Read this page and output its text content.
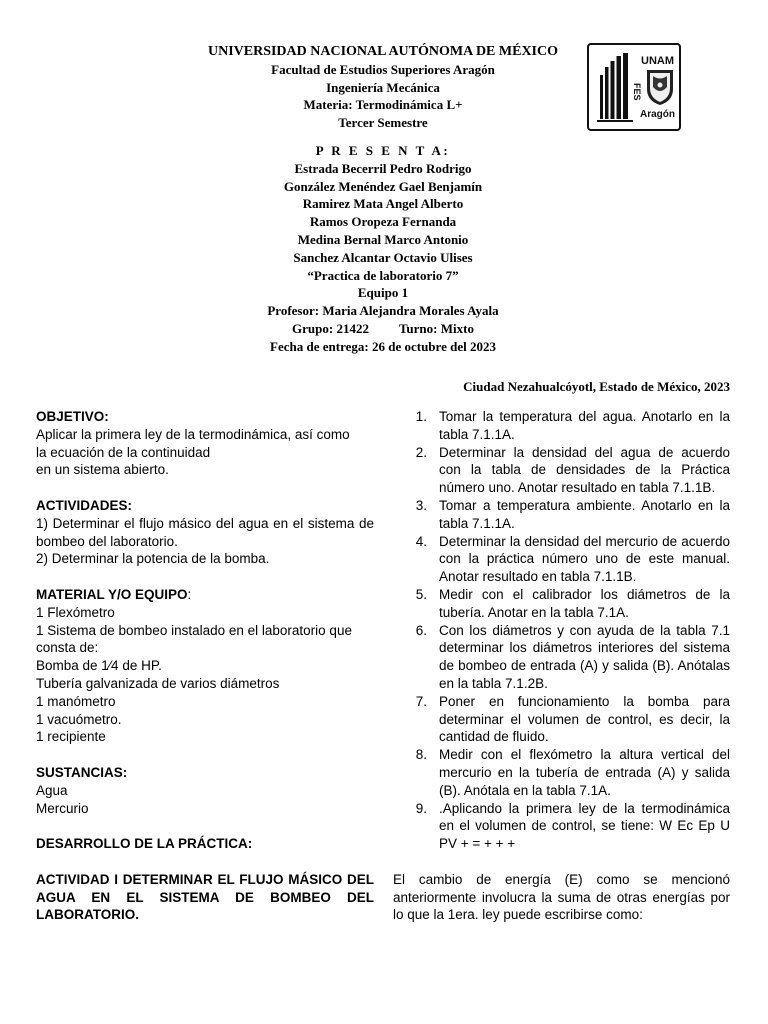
UNIVERSIDAD NACIONAL AUTÓNOMA DE MÉXICO
Facultad de Estudios Superiores Aragón
Ingeniería Mecánica
Materia: Termodinámica L+
Tercer Semestre
P R E S E N T A:
Estrada Becerril Pedro Rodrigo
González Menéndez Gael Benjamín
Ramirez Mata Angel Alberto
Ramos Oropeza Fernanda
Medina Bernal Marco Antonio
Sanchez Alcantar Octavio Ulises
“Practica de laboratorio 7”
Equipo 1
Profesor: Maria Alejandra Morales Ayala
Grupo: 21422 Turno: Mixto
Fecha de entrega: 26 de octubre del 2023
FES
UNAM
Aragón
Ciudad Nezahualcóyotl, Estado de México, 2023

OBJETIVO:

Aplicar la primera ley de la termodinámica, así como

la ecuación de la continuidad

en un sistema abierto.

ACTIVIDADES:

1) Determinar el flujo másico del agua en el sistema de bombeo del laboratorio.

2) Determinar la potencia de la bomba.

MATERIAL Y/O EQUIPO:

1 Flexómetro

1 Sistema de bombeo instalado en el laboratorio que consta de:

Bomba de 1⁄4 de HP.

Tubería galvanizada de varios diámetros

1 manómetro

1 vacuómetro.

1 recipiente

SUSTANCIAS:

Agua

Mercurio

DESARROLLO DE LA PRÁCTICA:

ACTIVIDAD I DETERMINAR EL FLUJO MÁSICO DEL AGUA EN EL SISTEMA DE BOMBEO DEL LABORATORIO.

1. Tomar la temperatura del agua. Anotarlo en la tabla 7.1.1A.
2. Determinar la densidad del agua de acuerdo con la tabla de densidades de la Práctica número uno. Anotar resultado en tabla 7.1.1B.
3. Tomar a temperatura ambiente. Anotarlo en la tabla 7.1.1A.
4. Determinar la densidad del mercurio de acuerdo con la práctica número uno de este manual. Anotar resultado en tabla 7.1.1B.
5. Medir con el calibrador los diámetros de la tubería. Anotar en la tabla 7.1A.
6. Con los diámetros y con ayuda de la tabla 7.1 determinar los diámetros interiores del sistema de bombeo de entrada (A) y salida (B). Anótalas en la tabla 7.1.2B.
7. Poner en funcionamiento la bomba para determinar el volumen de control, es decir, la cantidad de fluido.
8. Medir con el flexómetro la altura vertical del mercurio en la tubería de entrada (A) y salida (B). Anótala en la tabla 7.1A.
9. .Aplicando la primera ley de la termodinámica en el volumen de control, se tiene: W Ec Ep U PV + = + + +

El cambio de energía (E) como se mencionó anteriormente involucra la suma de otras energías por lo que la 1era. ley puede escribirse como:
